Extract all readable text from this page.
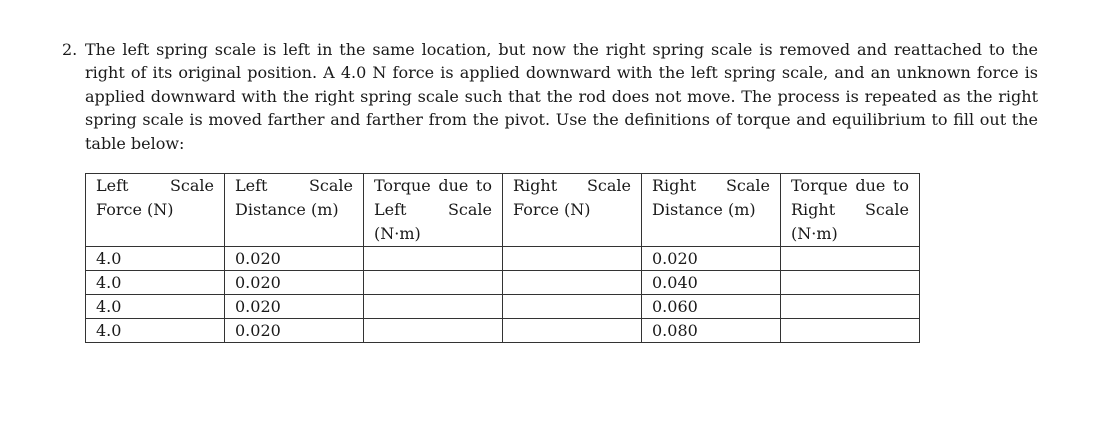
2. The left spring scale is left in the same location, but now the right spring scale is removed and reattached to the right of its original position. A 4.0 N force is applied downward with the left spring scale, and an unknown force is applied downward with the right spring scale such that the rod does not move. The process is repeated as the right spring scale is moved farther and farther from the pivot. Use the definitions of torque and equilibrium to fill out the table below:
Left Scale Force (N)	Left Scale Distance (m)	Torque due to Left Scale (N·m)	Right Scale Force (N)	Right Scale Distance (m)	Torque due to Right Scale (N·m)
4.0	0.020			0.020	
4.0	0.020			0.040	
4.0	0.020			0.060	
4.0	0.020			0.080	
